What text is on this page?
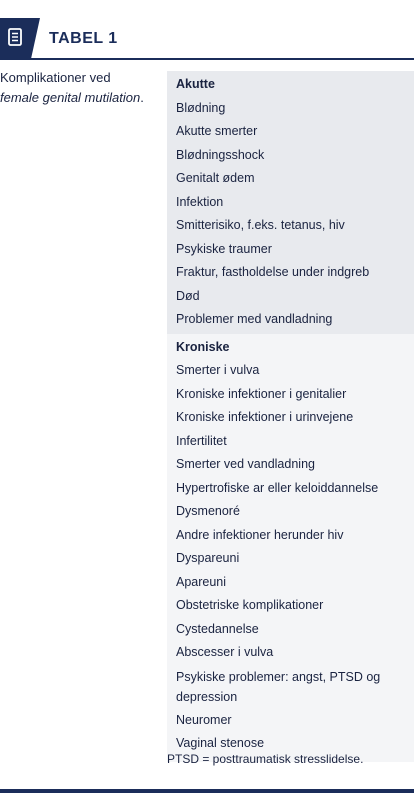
TABEL 1
Komplikationer ved female genital mutilation.
Akutte
Blødning
Akutte smerter
Blødningsshock
Genitalt ødem
Infektion
Smitterisiko, f.eks. tetanus, hiv
Psykiske traumer
Fraktur, fastholdelse under indgreb
Død
Problemer med vandladning
Kroniske
Smerter i vulva
Kroniske infektioner i genitalier
Kroniske infektioner i urinvejene
Infertilitet
Smerter ved vandladning
Hypertrofiske ar eller keloiddannelse
Dysmenoré
Andre infektioner herunder hiv
Dyspareuni
Apareuni
Obstetriske komplikationer
Cystedannelse
Abscesser i vulva
Psykiske problemer: angst, PTSD og depression
Neuromer
Vaginal stenose
PTSD = posttraumatisk stresslidelse.
